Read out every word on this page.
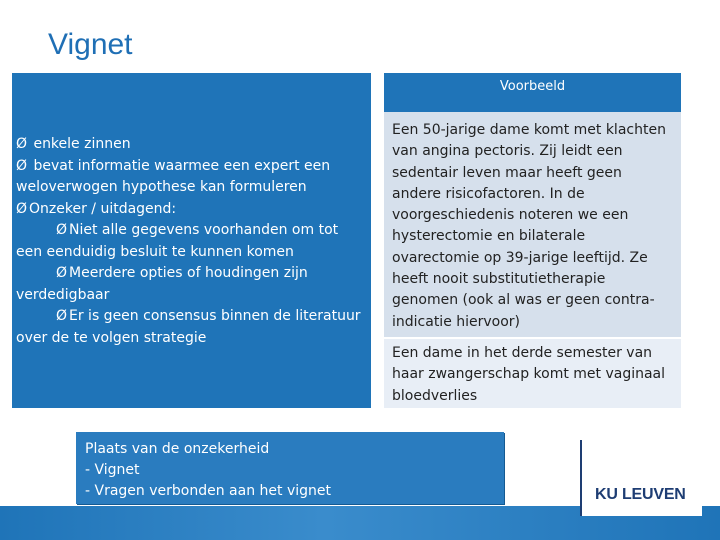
Vignet
Ø enkele zinnen
Ø bevat informatie waarmee een expert een
weloverwogen hypothese kan formuleren
Ø Onzeker / uitdagend:
Ø Niet alle gegevens voorhanden om tot
een eenduidig besluit te kunnen komen
Ø Meerdere opties of houdingen zijn
verdedigbaar
Ø Er is geen consensus binnen de literatuur
over de te volgen strategie
Voorbeeld
Een 50-jarige dame komt met klachten van angina pectoris. Zij leidt een sedentair leven maar heeft geen andere risicofactoren. In de voorgeschiedenis noteren we een hysterectomie en bilaterale ovarectomie op 39-jarige leeftijd. Ze heeft nooit substitutietherapie genomen (ook al was er geen contra-indicatie hiervoor)
Een dame in het derde semester van haar zwangerschap komt met vaginaal bloedverlies
Plaats van de onzekerheid
- Vignet
- Vragen verbonden aan het vignet	KU LEUVEN
